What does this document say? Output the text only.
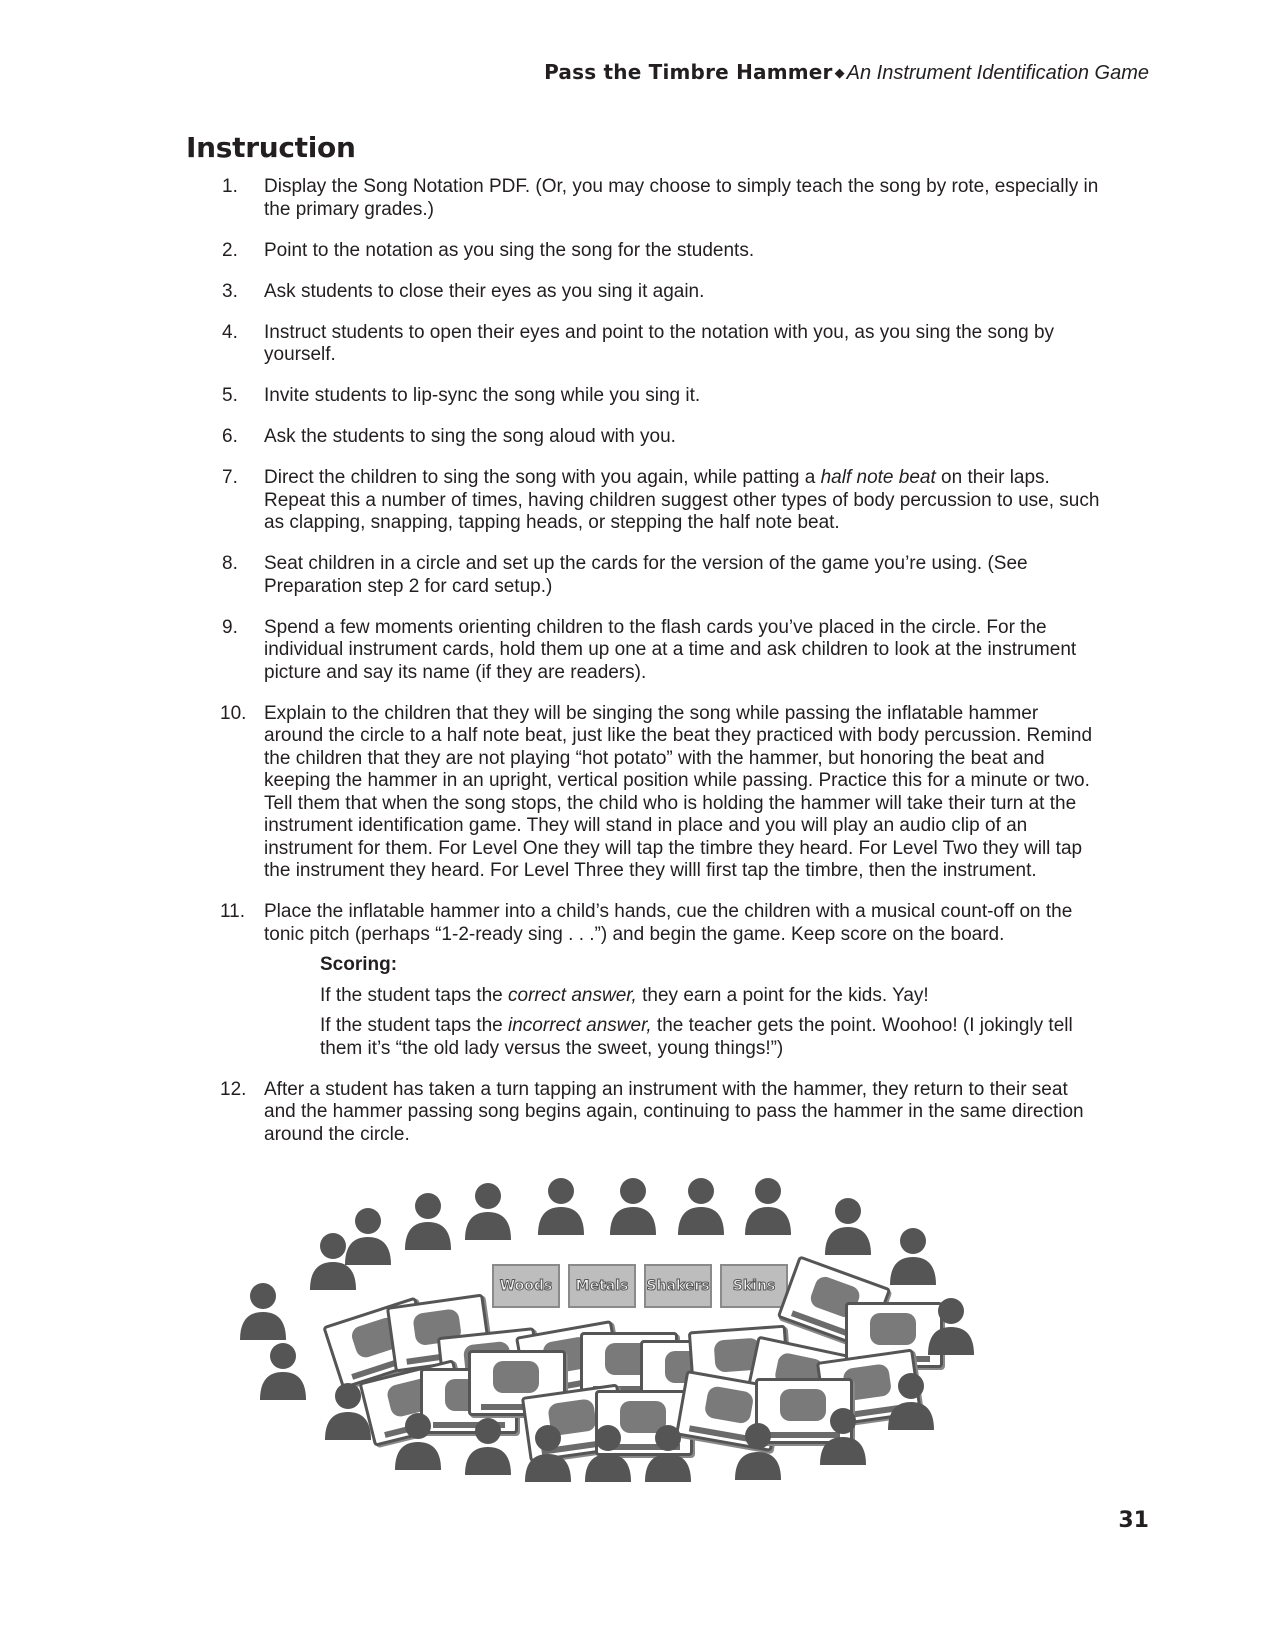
Pass the Timbre Hammer ◆ An Instrument Identification Game
Instruction
1. Display the Song Notation PDF. (Or, you may choose to simply teach the song by rote, especially in the primary grades.)
2. Point to the notation as you sing the song for the students.
3. Ask students to close their eyes as you sing it again.
4. Instruct students to open their eyes and point to the notation with you, as you sing the song by yourself.
5. Invite students to lip-sync the song while you sing it.
6. Ask the students to sing the song aloud with you.
7. Direct the children to sing the song with you again, while patting a half note beat on their laps. Repeat this a number of times, having children suggest other types of body percussion to use, such as clapping, snapping, tapping heads, or stepping the half note beat.
8. Seat children in a circle and set up the cards for the version of the game you’re using. (See Preparation step 2 for card setup.)
9. Spend a few moments orienting children to the flash cards you’ve placed in the circle. For the individual instrument cards, hold them up one at a time and ask children to look at the instrument picture and say its name (if they are readers).
10. Explain to the children that they will be singing the song while passing the inflatable hammer around the circle to a half note beat, just like the beat they practiced with body percussion. Remind the children that they are not playing “hot potato” with the hammer, but honoring the beat and keeping the hammer in an upright, vertical position while passing. Practice this for a minute or two. Tell them that when the song stops, the child who is holding the hammer will take their turn at the instrument identification game. They will stand in place and you will play an audio clip of an instrument for them. For Level One they will tap the timbre they heard. For Level Two they will tap the instrument they heard. For Level Three they willl first tap the timbre, then the instrument.
11. Place the inflatable hammer into a child’s hands, cue the children with a musical count-off on the tonic pitch (perhaps “1-2-ready sing . . .”) and begin the game. Keep score on the board.
Scoring:

If the student taps the correct answer, they earn a point for the kids. Yay!

If the student taps the incorrect answer, the teacher gets the point. Woohoo! (I jokingly tell them it’s “the old lady versus the sweet, young things!”)

12. After a student has taken a turn tapping an instrument with the hammer, they return to their seat and the hammer passing song begins again, continuing to pass the hammer in the same direction around the circle.
Woods	Metals	Shakers	Skins
31
